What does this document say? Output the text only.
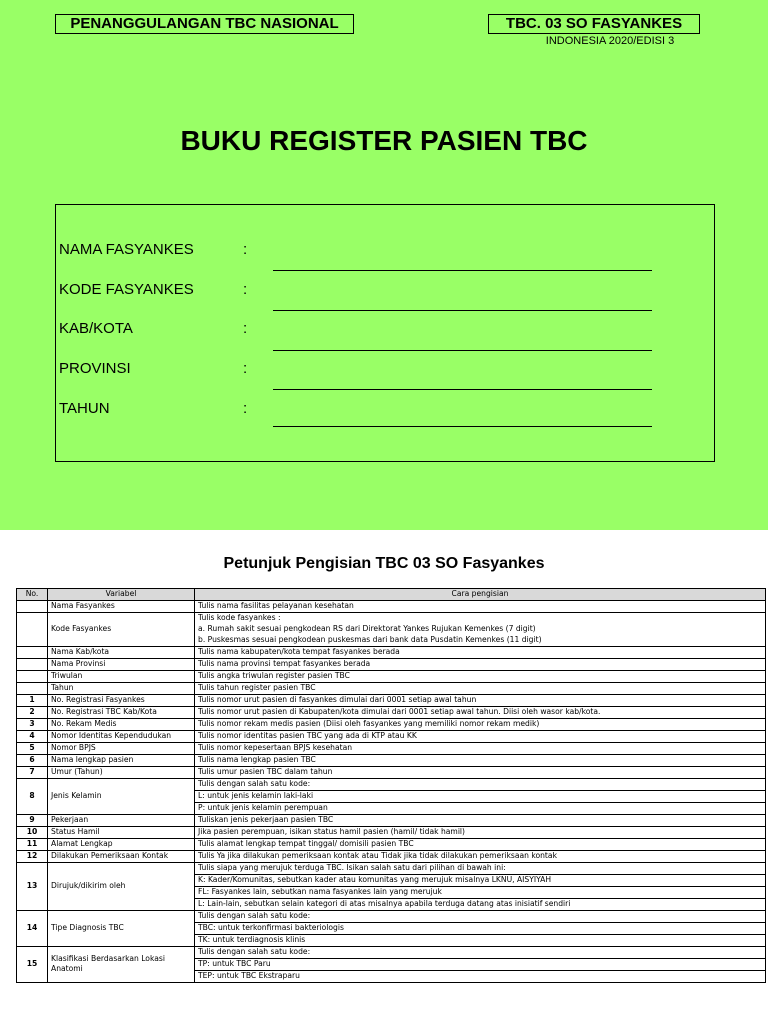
PENANGGULANGAN TBC NASIONAL	TBC. 03 SO FASYANKES
INDONESIA 2020/EDISI 3
BUKU REGISTER PASIEN TBC
NAMA FASYANKES	:
KODE FASYANKES	:
KAB/KOTA	:
PROVINSI	:
TAHUN	:
Petunjuk Pengisian TBC 03 SO Fasyankes
No.	Variabel	Cara pengisian
	Nama Fasyankes	Tulis nama fasilitas pelayanan kesehatan
	Kode Fasyankes	Tulis kode fasyankes :
		a. Rumah sakit sesuai pengkodean RS dari Direktorat Yankes Rujukan Kemenkes (7 digit)
		b. Puskesmas sesuai pengkodean puskesmas dari bank data Pusdatin Kemenkes (11 digit)
	Nama Kab/kota	Tulis nama kabupaten/kota tempat fasyankes berada
	Nama Provinsi	Tulis nama provinsi tempat fasyankes berada
	Triwulan	Tulis angka triwulan register pasien TBC
	Tahun	Tulis tahun register pasien TBC
1	No. Registrasi Fasyankes	Tulis nomor urut pasien di fasyankes dimulai dari 0001 setiap awal tahun
2	No. Registrasi TBC Kab/Kota	Tulis nomor urut pasien di Kabupaten/kota dimulai dari 0001 setiap awal tahun. Diisi oleh wasor kab/kota.
3	No. Rekam Medis	Tulis nomor rekam medis pasien (Diisi oleh fasyankes yang memiliki nomor rekam medik)
4	Nomor Identitas Kependudukan	Tulis nomor identitas pasien TBC yang ada di KTP atau KK
5	Nomor BPJS	Tulis nomor kepesertaan BPJS kesehatan
6	Nama lengkap pasien	Tulis nama lengkap pasien TBC
7	Umur (Tahun)	Tulis umur pasien TBC dalam tahun
8	Jenis Kelamin	Tulis dengan salah satu kode:
		L: untuk jenis kelamin laki-laki
		P: untuk jenis kelamin perempuan
9	Pekerjaan	Tuliskan jenis pekerjaan pasien TBC
10	Status Hamil	Jika pasien perempuan, isikan status hamil pasien (hamil/ tidak hamil)
11	Alamat Lengkap	Tulis alamat lengkap tempat tinggal/ domisili pasien TBC
12	Dilakukan Pemeriksaan Kontak	Tulis Ya jika dilakukan pemeriksaan kontak atau Tidak jika tidak dilakukan pemeriksaan kontak
13	Dirujuk/dikirim oleh	Tulis siapa yang merujuk terduga TBC. Isikan salah satu dari pilihan di bawah ini:
		K: Kader/Komunitas, sebutkan kader atau komunitas yang merujuk misalnya LKNU, AISYIYAH
		FL: Fasyankes lain, sebutkan nama fasyankes lain yang merujuk
		L: Lain-lain, sebutkan selain kategori di atas misalnya apabila terduga datang atas inisiatif sendiri
14	Tipe Diagnosis TBC	Tulis dengan salah satu kode:
		TBC: untuk terkonfirmasi bakteriologis
		TK: untuk terdiagnosis klinis
15	Klasifikasi Berdasarkan Lokasi Anatomi	Tulis dengan salah satu kode:
		TP: untuk TBC Paru
		TEP: untuk TBC Ekstraparu
